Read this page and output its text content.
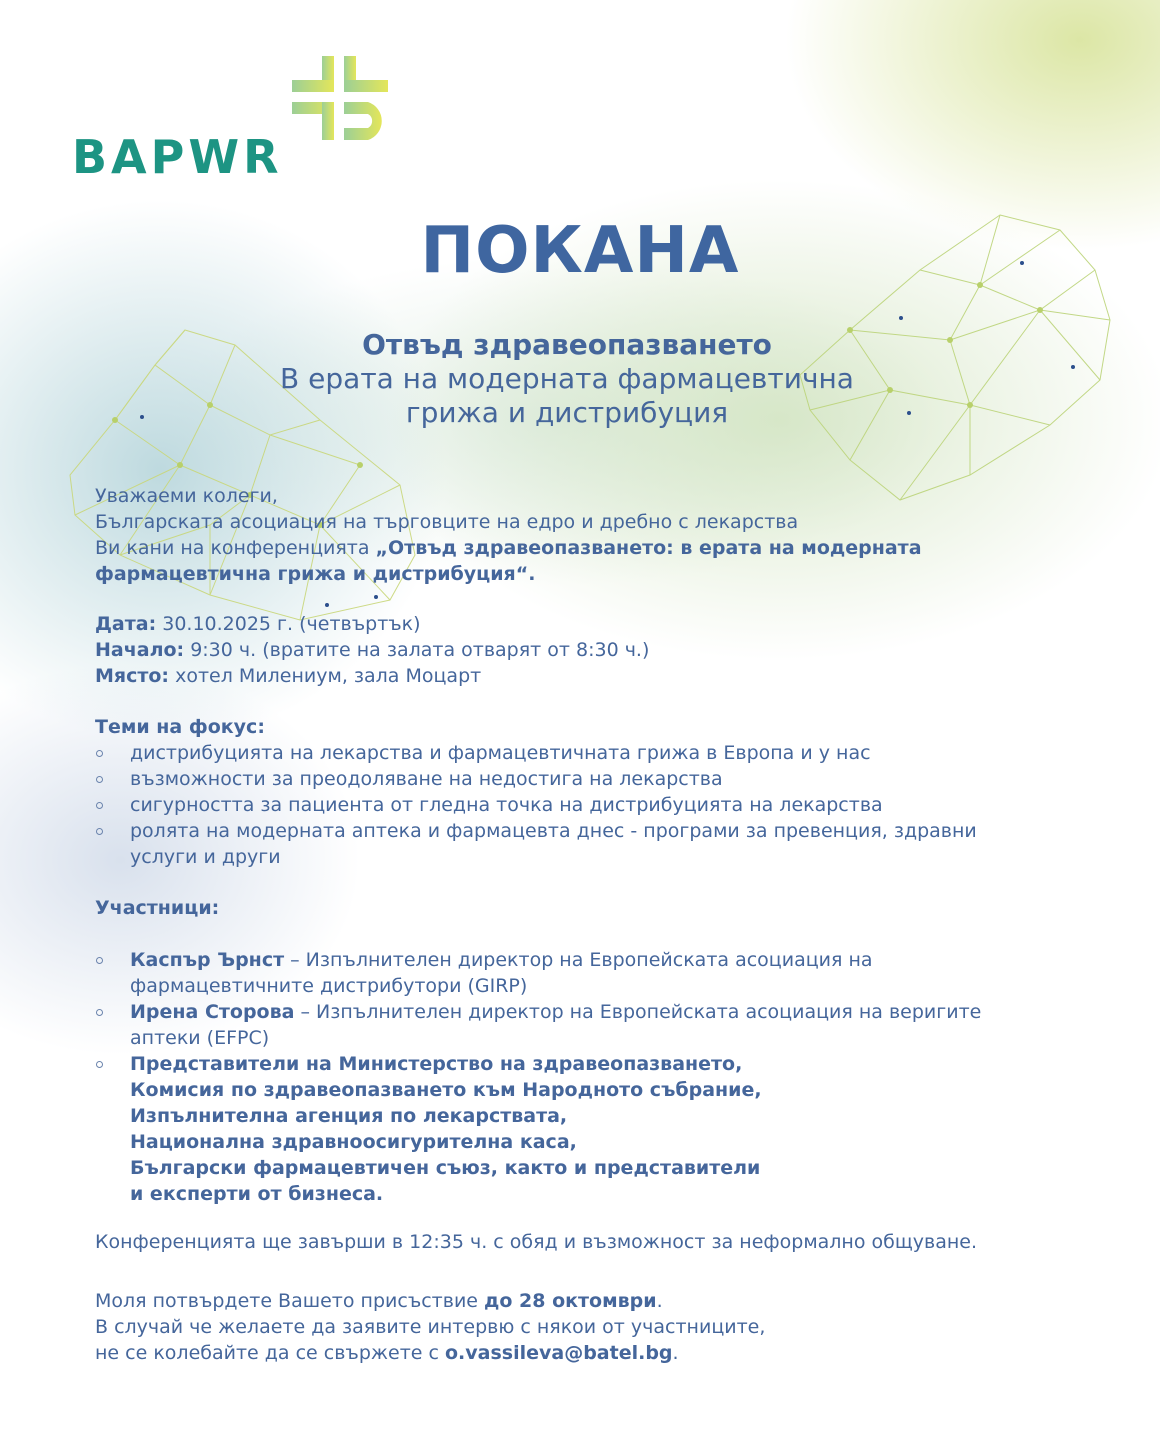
BAPWR
ПОКАНА
Отвъд здравеопазването
В ерата на модерната фармацевтична
грижа и дистрибуция
Уважаеми колеги,
Българската асоциация на търговците на едро и дребно с лекарства
Ви кани на конференцията „Отвъд здравеопазването: в ерата на модерната
фармацевтична грижа и дистрибуция“.
Дата: 30.10.2025 г. (четвъртък)
Начало: 9:30 ч. (вратите на залата отварят от 8:30 ч.)
Място: хотел Милениум, зала Моцарт
Теми на фокус:
дистрибуцията на лекарства и фармацевтичната грижа в Европа и у нас
възможности за преодоляване на недостига на лекарства
сигурността за пациента от гледна точка на дистрибуцията на лекарства
ролята на модерната аптека и фармацевта днес - програми за превенция, здравни услуги и други
Участници:
Каспър Ърнст – Изпълнителен директор на Европейската асоциация на фармацевтичните дистрибутори (GIRP)
Ирена Сторова – Изпълнителен директор на Европейската асоциация на веригите аптеки (EFPC)
Представители на Министерство на здравеопазването,
Комисия по здравеопазването към Народното събрание,
Изпълнителна агенция по лекарствата,
Национална здравноосигурителна каса,
Български фармацевтичен съюз, както и представители
и експерти от бизнеса.
Конференцията ще завърши в 12:35 ч. с обяд и възможност за неформално общуване.
Моля потвърдете Вашето присъствие до 28 октомври.
В случай че желаете да заявите интервю с някои от участниците,
не се колебайте да се свържете с o.vassileva@batel.bg.
